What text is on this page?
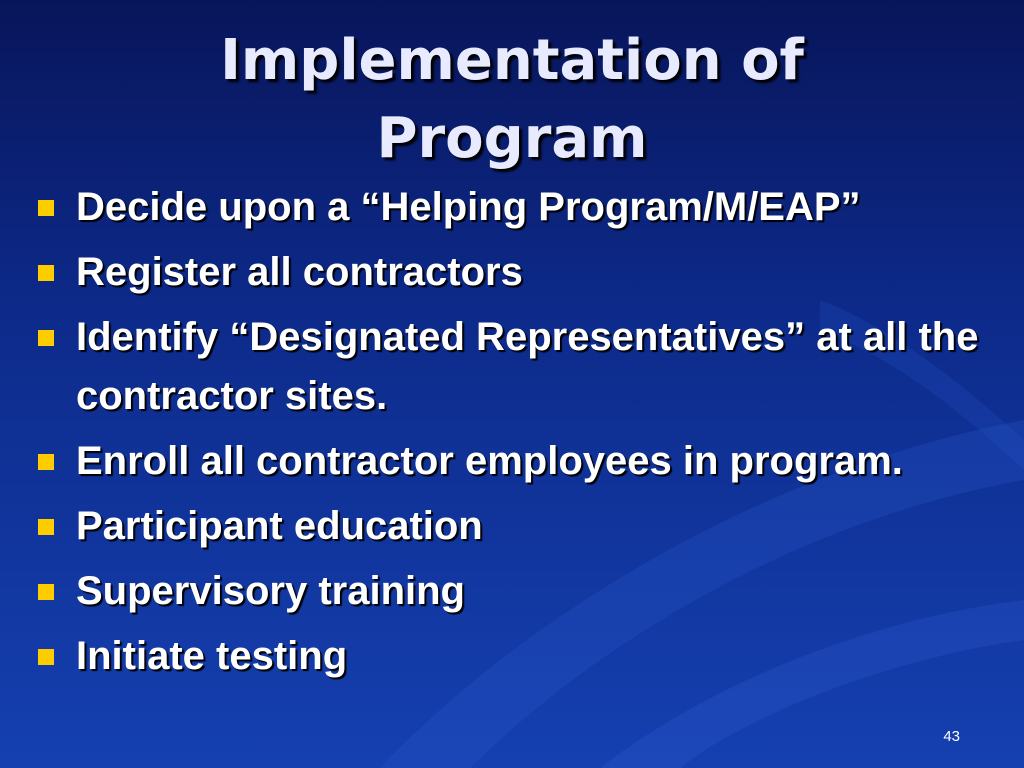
Implementation of
Program
Decide upon a “Helping Program/M/EAP”
Register all contractors
Identify “Designated Representatives” at all the contractor sites.
Enroll all contractor employees in program.
Participant education
Supervisory training
Initiate testing
43
